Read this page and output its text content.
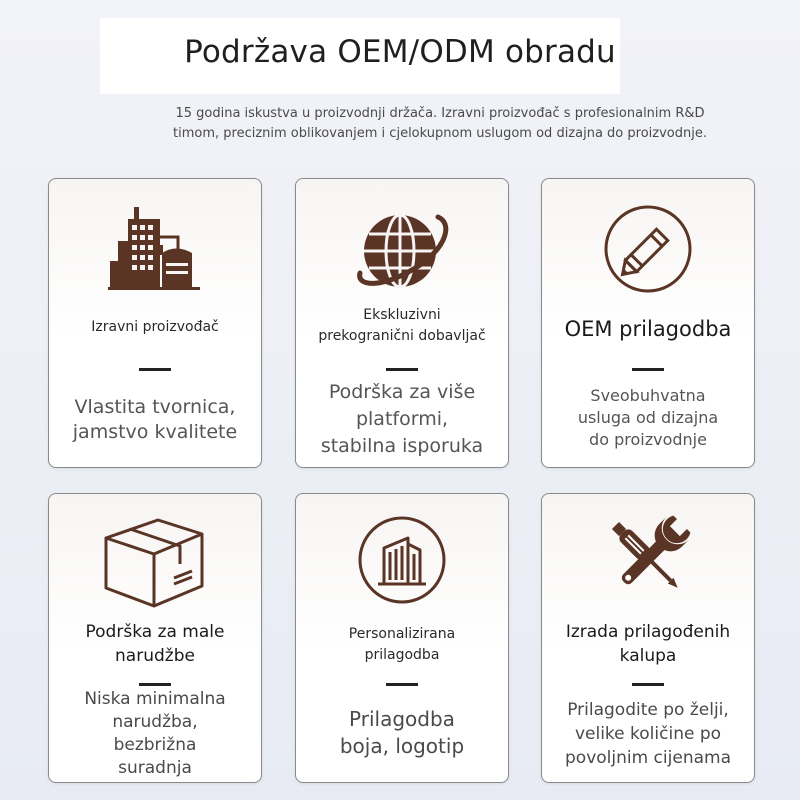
Podržava OEM/ODM obradu
15 godina iskustva u proizvodnji držača. Izravni proizvođač s profesionalnim R&D
timom, preciznim oblikovanjem i cjelokupnom uslugom od dizajna do proizvodnje.
Izravni proizvođač
Vlastita tvornica,
jamstvo kvalitete
Ekskluzivni
prekogranični dobavljač
Podrška za više
platformi,
stabilna isporuka
OEM prilagodba
Sveobuhvatna
usluga od dizajna
do proizvodnje
Podrška za male
narudžbe
Niska minimalna
narudžba,
bezbrižna
suradnja
Personalizirana
prilagodba
Prilagodba
boja, logotip
Izrada prilagođenih
kalupa
Prilagodite po želji,
velike količine po
povoljnim cijenama
